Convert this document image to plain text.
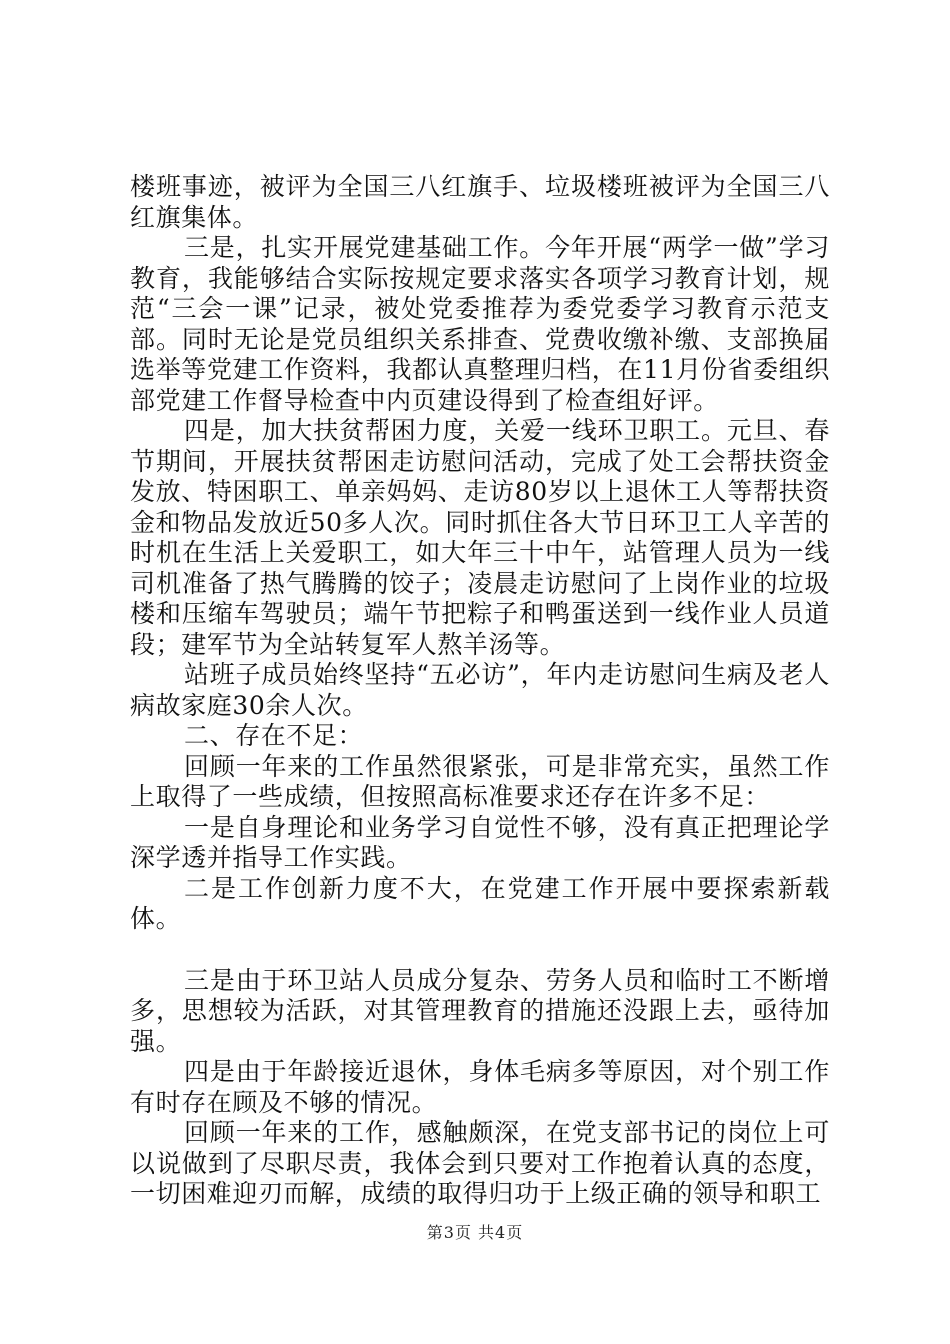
楼班事迹，被评为全国三八红旗手、垃圾楼班被评为全国三八红旗集体。

三是，扎实开展党建基础工作。今年开展“两学一做”学习教育，我能够结合实际按规定要求落实各项学习教育计划，规范“三会一课”记录，被处党委推荐为委党委学习教育示范支部。同时无论是党员组织关系排查、党费收缴补缴、支部换届选举等党建工作资料，我都认真整理归档，在11月份省委组织部党建工作督导检查中内页建设得到了检查组好评。

四是，加大扶贫帮困力度，关爱一线环卫职工。元旦、春节期间，开展扶贫帮困走访慰问活动，完成了处工会帮扶资金发放、特困职工、单亲妈妈、走访80岁以上退休工人等帮扶资金和物品发放近50多人次。同时抓住各大节日环卫工人辛苦的时机在生活上关爱职工，如大年三十中午，站管理人员为一线司机准备了热气腾腾的饺子；凌晨走访慰问了上岗作业的垃圾楼和压缩车驾驶员；端午节把粽子和鸭蛋送到一线作业人员道段；建军节为全站转复军人熬羊汤等。

站班子成员始终坚持“五必访”，年内走访慰问生病及老人病故家庭30余人次。

二、存在不足：

回顾一年来的工作虽然很紧张，可是非常充实，虽然工作上取得了一些成绩，但按照高标准要求还存在许多不足：

一是自身理论和业务学习自觉性不够，没有真正把理论学深学透并指导工作实践。

二是工作创新力度不大，在党建工作开展中要探索新载体。

三是由于环卫站人员成分复杂、劳务人员和临时工不断增多，思想较为活跃，对其管理教育的措施还没跟上去，亟待加强。

四是由于年龄接近退休，身体毛病多等原因，对个别工作有时存在顾及不够的情况。

回顾一年来的工作，感触颇深，在党支部书记的岗位上可以说做到了尽职尽责，我体会到只要对工作抱着认真的态度，一切困难迎刃而解，成绩的取得归功于上级正确的领导和职工

第3页 共4页
